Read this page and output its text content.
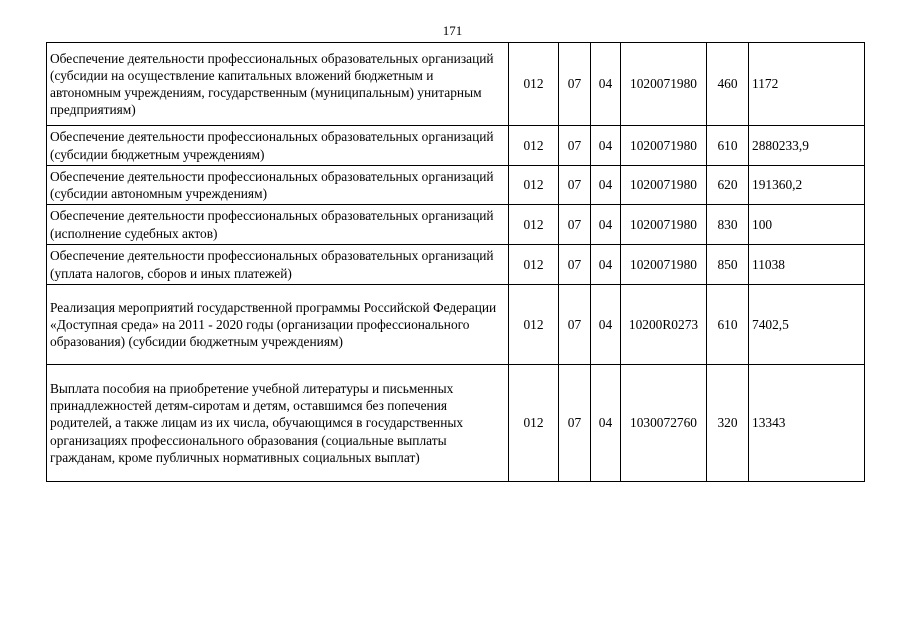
171
Обеспечение деятельности профессиональных образовательных организаций (субсидии на осуществление капитальных вложений бюджетным и автономным учреждениям, государственным (муниципальным) унитарным предприятиям)	012	07	04	1020071980	460	1172
Обеспечение деятельности профессиональных образовательных организаций (субсидии бюджетным учреждениям)	012	07	04	1020071980	610	2880233,9
Обеспечение деятельности профессиональных образовательных организаций (субсидии автономным учреждениям)	012	07	04	1020071980	620	191360,2
Обеспечение деятельности профессиональных образовательных организаций (исполнение судебных актов)	012	07	04	1020071980	830	100
Обеспечение деятельности профессиональных образовательных организаций (уплата налогов, сборов и иных платежей)	012	07	04	1020071980	850	11038
Реализация мероприятий государственной программы Российской Федерации «Доступная среда» на 2011 - 2020 годы (организации профессионального образования) (субсидии бюджетным учреждениям)	012	07	04	10200R0273	610	7402,5
Выплата пособия на приобретение учебной литературы и письменных принадлежностей детям-сиротам и детям, оставшимся без попечения родителей, а также лицам из их числа, обучающимся в государственных организациях профессионального образования (социальные выплаты гражданам, кроме публичных нормативных социальных выплат)	012	07	04	1030072760	320	13343
